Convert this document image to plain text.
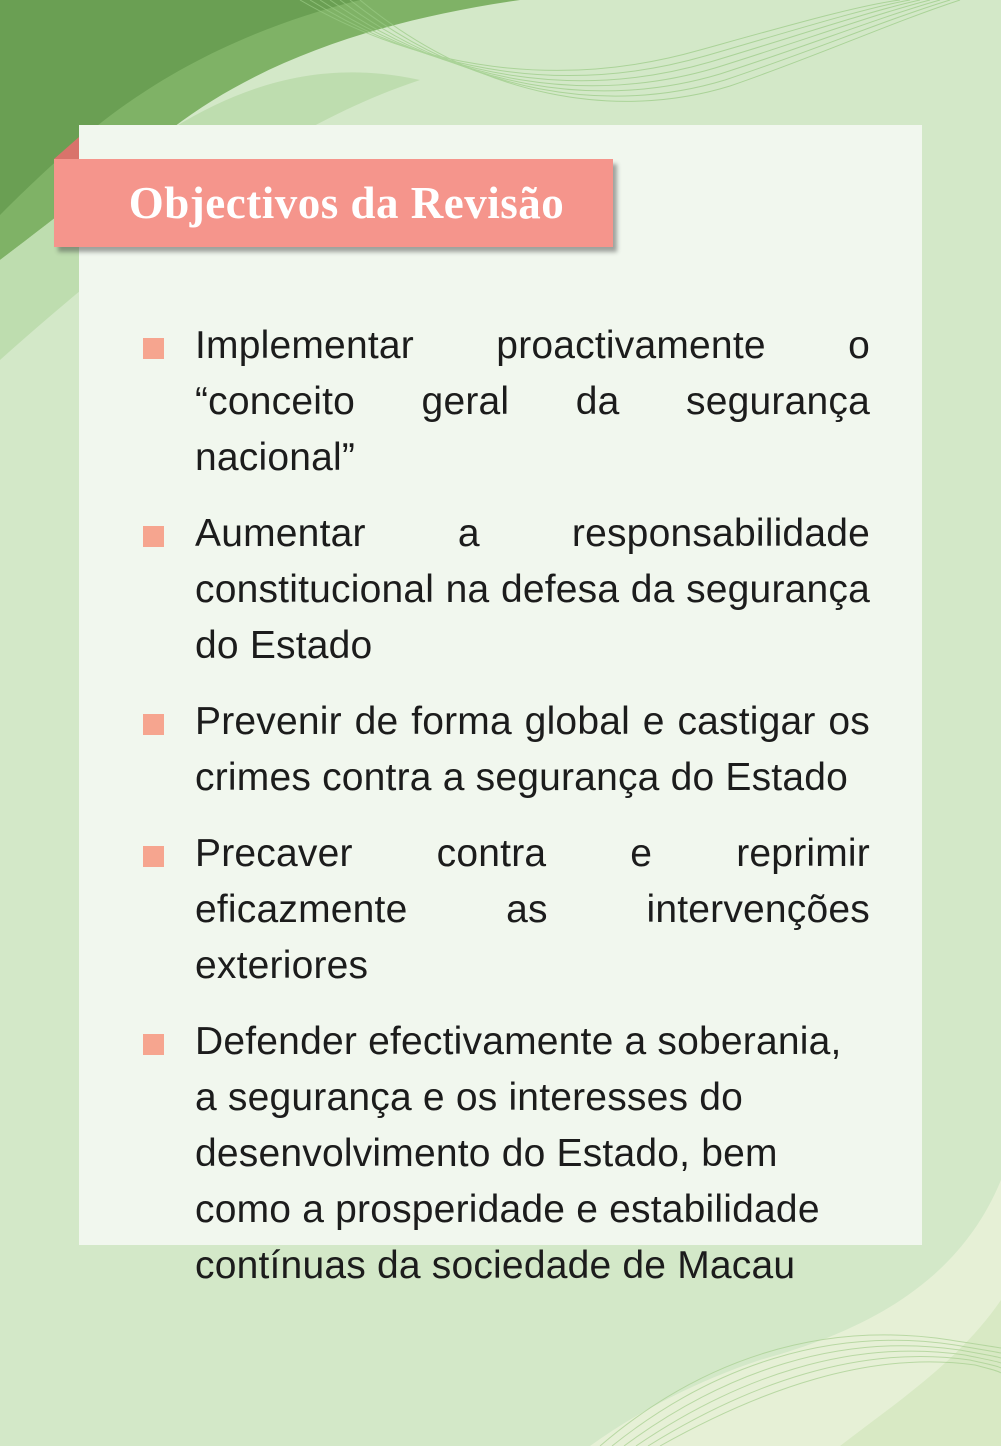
Objectivos da Revisão
Implementar proactivamente o “conceito geral da segurança nacional”
Aumentar a responsabilidade constitucional na defesa da segurança do Estado
Prevenir de forma global e castigar os crimes contra a segurança do Estado
Precaver contra e reprimir eficazmente as intervenções exteriores
Defender efectivamente a soberania, a segurança e os interesses do desenvolvimento do Estado, bem como a prosperidade e estabilidade contínuas da sociedade de Macau
